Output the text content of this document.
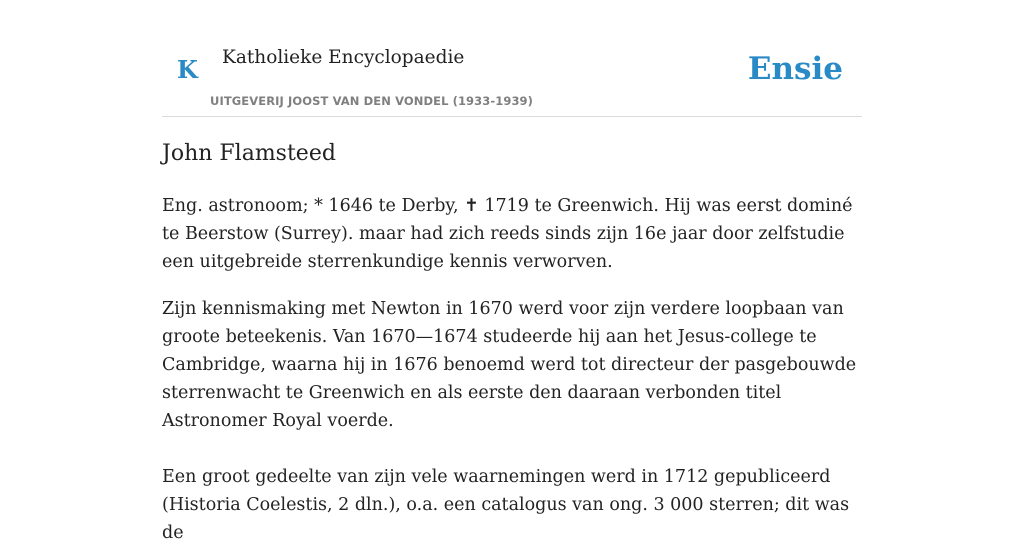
K Katholieke Encyclopaedie
UITGEVERIJ JOOST VAN DEN VONDEL (1933-1939)
Ensie
John Flamsteed

Eng. astronoom; * 1646 te Derby, ✝ 1719 te Greenwich. Hij was eerst dominé te Beerstow (Surrey). maar had zich reeds sinds zijn 16e jaar door zelfstudie een uitgebreide sterrenkundige kennis verworven.

Zijn kennismaking met Newton in 1670 werd voor zijn verdere loopbaan van groote beteekenis. Van 1670—1674 studeerde hij aan het Jesus-college te Cambridge, waarna hij in 1676 benoemd werd tot directeur der pasgebouwde sterrenwacht te Greenwich en als eerste den daaraan verbonden titel Astronomer Royal voerde.

Een groot gedeelte van zijn vele waarnemingen werd in 1712 gepubliceerd (Historia Coelestis, 2 dln.), o.a. een catalogus van ong. 3 000 sterren; dit was de
